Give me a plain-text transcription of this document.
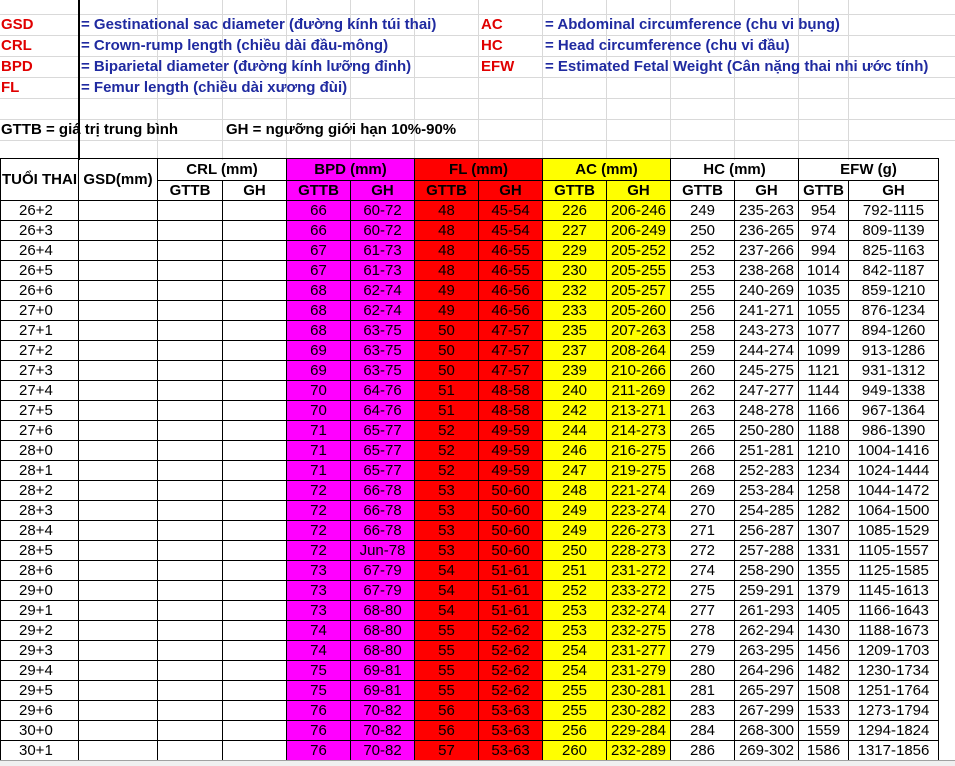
GSD	= Gestinational sac diameter (đường kính túi thai)
CRL	= Crown-rump length (chiều dài đầu-mông)
BPD	= Biparietal diameter (đường kính lưỡng đỉnh)
FL	= Femur length (chiều dài xương đùi)
AC	= Abdominal circumference (chu vi bụng)
HC	= Head circumference (chu vi đầu)
EFW = Estimated Fetal Weight (Cân nặng thai nhi ước tính)
GTTB = giá trị trung bình	GH = ngưỡng giới hạn 10%-90%
TUỔI THAI	GSD(mm)	CRL (mm)		BPD (mm)		FL (mm)		AC (mm)		HC (mm)		EFW (g)	
		GTTB	GH	GTTB	GH	GTTB	GH	GTTB	GH	GTTB	GH	GTTB	GH
26+2				66	60-72	48	45-54	226	206-246	249	235-263	954	792-1115
26+3				66	60-72	48	45-54	227	206-249	250	236-265	974	809-1139
26+4				67	61-73	48	46-55	229	205-252	252	237-266	994	825-1163
26+5				67	61-73	48	46-55	230	205-255	253	238-268	1014	842-1187
26+6				68	62-74	49	46-56	232	205-257	255	240-269	1035	859-1210
27+0				68	62-74	49	46-56	233	205-260	256	241-271	1055	876-1234
27+1				68	63-75	50	47-57	235	207-263	258	243-273	1077	894-1260
27+2				69	63-75	50	47-57	237	208-264	259	244-274	1099	913-1286
27+3				69	63-75	50	47-57	239	210-266	260	245-275	1121	931-1312
27+4				70	64-76	51	48-58	240	211-269	262	247-277	1144	949-1338
27+5				70	64-76	51	48-58	242	213-271	263	248-278	1166	967-1364
27+6				71	65-77	52	49-59	244	214-273	265	250-280	1188	986-1390
28+0				71	65-77	52	49-59	246	216-275	266	251-281	1210	1004-1416
28+1				71	65-77	52	49-59	247	219-275	268	252-283	1234	1024-1444
28+2				72	66-78	53	50-60	248	221-274	269	253-284	1258	1044-1472
28+3				72	66-78	53	50-60	249	223-274	270	254-285	1282	1064-1500
28+4				72	66-78	53	50-60	249	226-273	271	256-287	1307	1085-1529
28+5				72	Jun-78	53	50-60	250	228-273	272	257-288	1331	1105-1557
28+6				73	67-79	54	51-61	251	231-272	274	258-290	1355	1125-1585
29+0				73	67-79	54	51-61	252	233-272	275	259-291	1379	1145-1613
29+1				73	68-80	54	51-61	253	232-274	277	261-293	1405	1166-1643
29+2				74	68-80	55	52-62	253	232-275	278	262-294	1430	1188-1673
29+3				74	68-80	55	52-62	254	231-277	279	263-295	1456	1209-1703
29+4				75	69-81	55	52-62	254	231-279	280	264-296	1482	1230-1734
29+5				75	69-81	55	52-62	255	230-281	281	265-297	1508	1251-1764
29+6				76	70-82	56	53-63	255	230-282	283	267-299	1533	1273-1794
30+0				76	70-82	56	53-63	256	229-284	284	268-300	1559	1294-1824
30+1				76	70-82	57	53-63	260	232-289	286	269-302	1586	1317-1856
